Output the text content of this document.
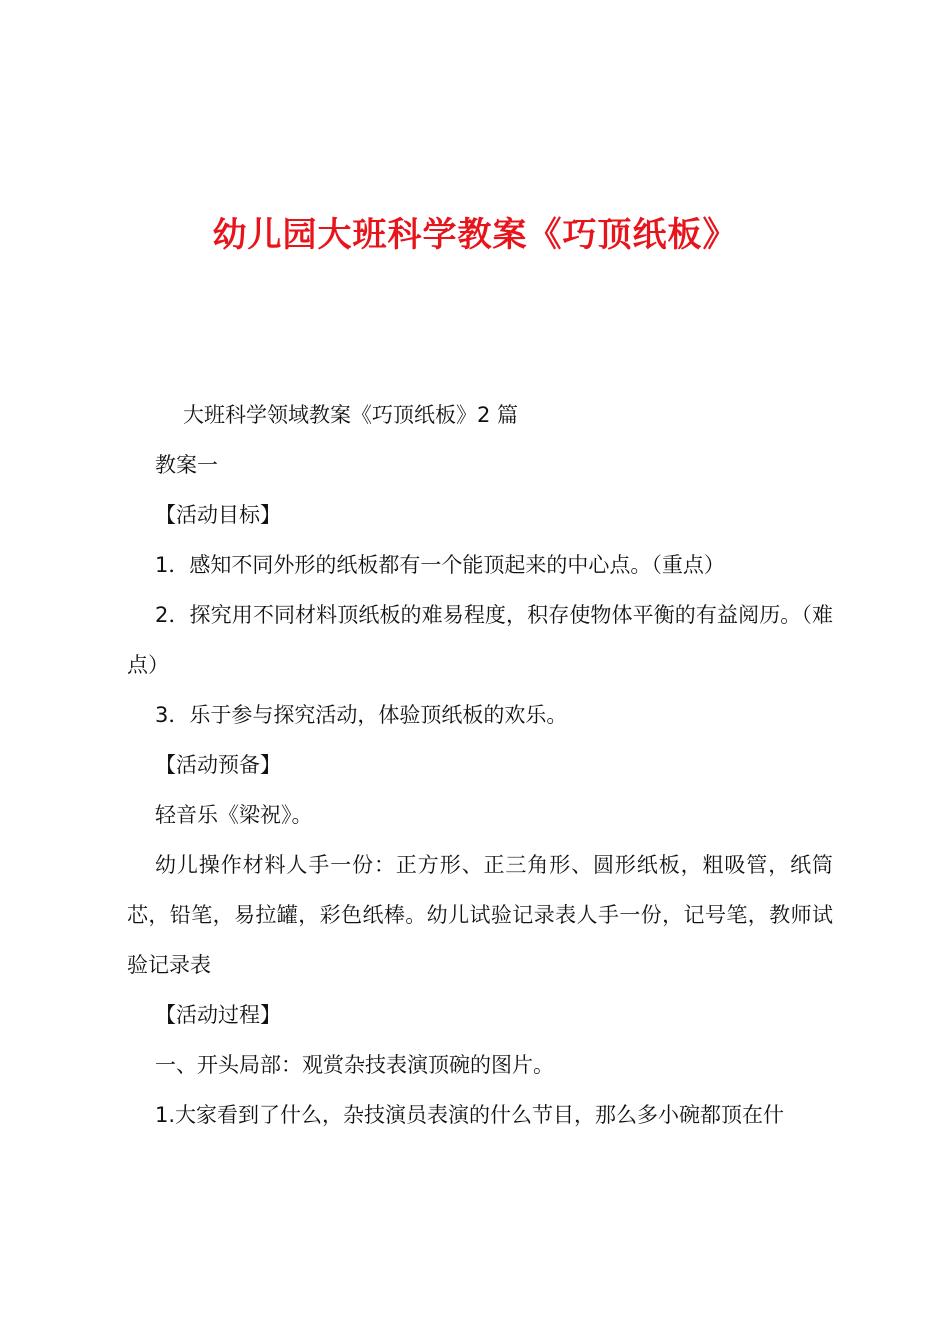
幼儿园大班科学教案《巧顶纸板》

大班科学领域教案《巧顶纸板》2 篇

教案一

【活动目标】

1．感知不同外形的纸板都有一个能顶起来的中心点。（重点）

2．探究用不同材料顶纸板的难易程度，积存使物体平衡的有益阅历。（难点）

3．乐于参与探究活动，体验顶纸板的欢乐。

【活动预备】

轻音乐《梁祝》。

幼儿操作材料人手一份：正方形、正三角形、圆形纸板，粗吸管，纸筒芯，铅笔，易拉罐，彩色纸棒。幼儿试验记录表人手一份，记号笔，教师试验记录表

【活动过程】

一、开头局部：观赏杂技表演顶碗的图片。

1.大家看到了什么，杂技演员表演的什么节目，那么多小碗都顶在什
